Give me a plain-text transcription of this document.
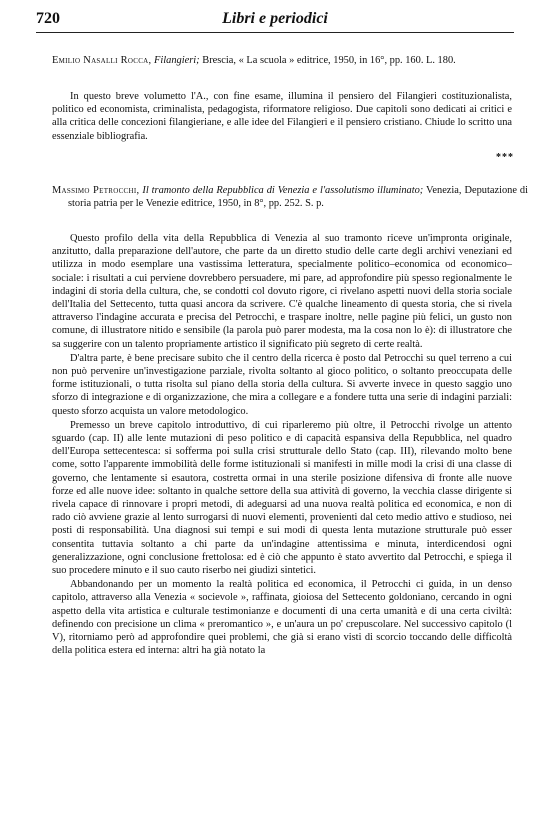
720	Libri e periodici
Emilio Nasalli Rocca, Filangieri; Brescia, « La scuola » editrice, 1950, in 16°, pp. 160. L. 180.

In questo breve volumetto l'A., con fine esame, illumina il pensiero del Filangieri costituzionalista, politico ed economista, criminalista, pedagogista, riformatore religioso. Due capitoli sono dedicati ai critici e alla critica delle concezioni filangieriane, e alle idee del Filangieri e il pensiero cristiano. Chiude lo scritto una essenziale bibliografia.

***
Massimo Petrocchi, Il tramonto della Repubblica di Venezia e l'assolutismo illuminato; Venezia, Deputazione di storia patria per le Venezie editrice, 1950, in 8°, pp. 252. S. p.

Questo profilo della vita della Repubblica di Venezia al suo tramonto riceve un'impronta originale, anzitutto, dalla preparazione dell'autore, che parte da un diretto studio delle carte degli archivi veneziani ed utilizza in modo esemplare una vastissima letteratura, specialmente politico–economica od economico–sociale: i risultati a cui perviene dovrebbero persuadere, mi pare, ad approfondire più spesso regionalmente le indagini di storia della cultura, che, se condotti col dovuto rigore, ci rivelano aspetti nuovi della storia sociale dell'Italia del Settecento, tutta quasi ancora da scrivere. C'è qualche lineamento di questa storia, che si rivela attraverso l'indagine accurata e precisa del Petrocchi, e traspare inoltre, nelle pagine più felici, un gusto non comune, di illustratore nitido e sensibile (la parola può parer modesta, ma la cosa non lo è): di illustratore che sa suggerire con un talento propriamente artistico il significato più segreto di certe realtà.

D'altra parte, è bene precisare subito che il centro della ricerca è posto dal Petrocchi su quel terreno a cui non può pervenire un'investigazione parziale, rivolta soltanto al gioco politico, o soltanto preoccupata delle forme istituzionali, o tutta risolta sul piano della storia della cultura. Si avverte invece in questo saggio uno sforzo di integrazione e di organizzazione, che mira a collegare e a fondere tutta una serie di indagini parziali: questo sforzo acquista un valore metodologico.

Premesso un breve capitolo introduttivo, di cui riparleremo più oltre, il Petrocchi rivolge un attento sguardo (cap. II) alle lente mutazioni di peso politico e di capacità espansiva della Repubblica, nel quadro dell'Europa settecentesca: si sofferma poi sulla crisi strutturale dello Stato (cap. III), rilevando molto bene come, sotto l'apparente immobilità delle forme istituzionali si manifesti in mille modi la crisi di una classe di governo, che lentamente si esautora, costretta ormai in una sterile posizione difensiva di fronte alle nuove forze ed alle nuove idee: soltanto in qualche settore della sua attività di governo, la vecchia classe dirigente si rivela capace di rinnovare i propri metodi, di adeguarsi ad una nuova realtà politica ed economica, e non di rado ciò avviene grazie al lento surrogarsi di nuovi elementi, provenienti dal ceto medio attivo e studioso, nei posti di responsabilità. Una diagnosi sui tempi e sui modi di questa lenta mutazione strutturale può esser consentita tuttavia soltanto a chi parte da un'indagine attentissima e minuta, interdicendosi ogni generalizzazione, ogni conclusione frettolosa: ed è ciò che appunto è stato avvertito dal Petrocchi, e spiega il suo procedere minuto e il suo cauto riserbo nei giudizi sintetici.

Abbandonando per un momento la realtà politica ed economica, il Petrocchi ci guida, in un denso capitolo, attraverso alla Venezia « socievole », raffinata, gioiosa del Settecento goldoniano, cercando in ogni aspetto della vita artistica e culturale testimonianze e documenti di una certa umanità e di una certa civiltà: definendo con precisione un clima « preromantico », e un'aura un po' crepuscolare. Nel successivo capitolo (l V), ritorniamo però ad approfondire quei problemi, che già si erano visti di scorcio toccando delle difficoltà della politica estera ed interna: altri ha già notato la
